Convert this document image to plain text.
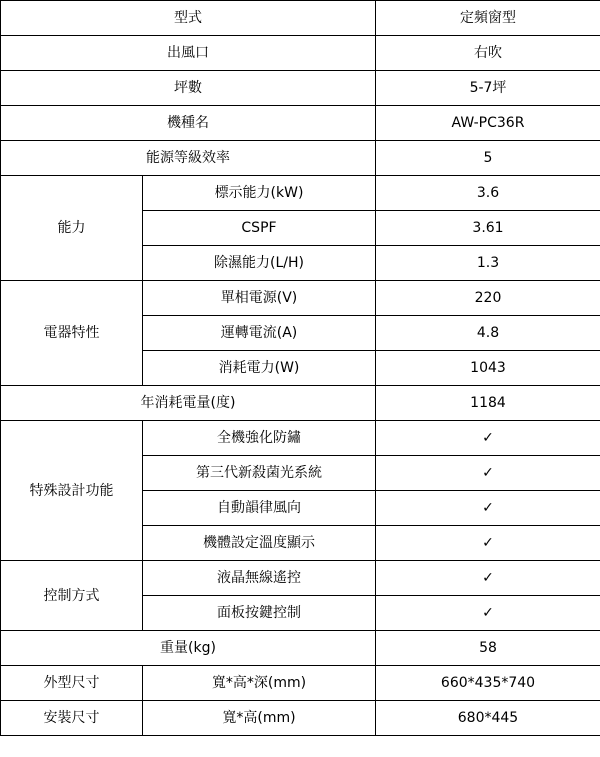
型式		定頻窗型
出風口		右吹
坪數		5-7坪
機種名		AW-PC36R
能源等級效率		5
能力	標示能力(kW)	3.6
	CSPF	3.61
	除濕能力(L/H)	1.3
電器特性	單相電源(V)	220
	運轉電流(A)	4.8
	消耗電力(W)	1043
年消耗電量(度)		1184
特殊設計功能	全機強化防鏽	✓
	第三代新殺菌光系統	✓
	自動韻律風向	✓
	機體設定溫度顯示	✓
控制方式	液晶無線遙控	✓
	面板按鍵控制	✓
重量(kg)		58
外型尺寸	寬*高*深(mm)	660*435*740
安裝尺寸	寬*高(mm)	680*445
